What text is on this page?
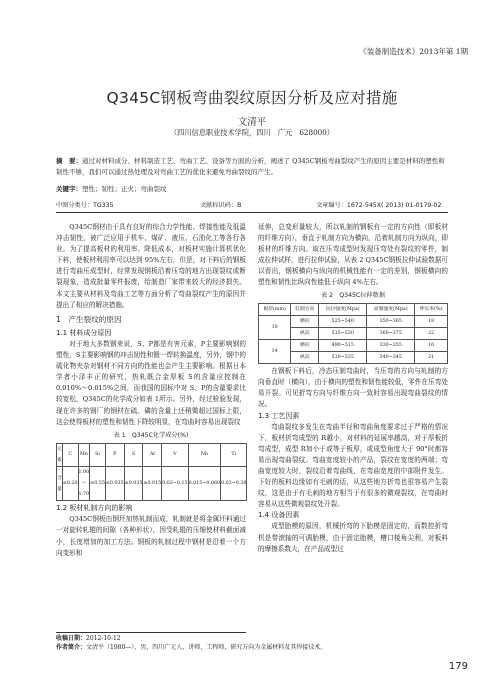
《装备制造技术》2013年第 1期
Q345C钢板弯曲裂纹原因分析及应对措施
文清平
（四川信息职业技术学院，四川　广元　628000）
摘　要：通过对材料成分、材料制造工艺、弯曲工艺、设备等方面的分析，阐述了 Q345C钢板弯曲裂纹产生的原因主要是材料的塑性和韧性不够，我们可以通过热处理及对弯曲工艺的优化来避免弯曲裂纹的产生。
关键字：塑性；韧性；正火；弯曲裂纹
中图分类号：TG335	文献标识码：B	文章编号：1672-545X( 2013) 01-0179-02

Q345C钢材由于具有良好的综合力学性能、焊接性能及低温冲击韧性，被广泛应用于机车、煤矿、液压、石油化工等各行各业。为了提高板材的利用率、降低成本，对板材实施计算机优化下料，使板材利用率可以达到 95%左右，但是，对下料后的钢板进行弯曲压成型时，经常发现钢板沿着压弯的地方出现裂纹或断裂现象，造成批量零件报废，给制造厂家带来较大的经济损失。本文主要从材料及弯曲工艺等方面分析了弯曲裂纹产生的原因并提出了相应的解决措施。

1　产生裂纹的原因
1.1 材料成分原因

对于地大多数钢来说，S、P都是有害元素，P主要影响钢的塑性，S主要影响钢的冲击韧性和锻一焊转换温度，另外，钢中的硫化物夹杂对钢材不同方向的性能也会产生主要影响。根据日本学者小泽丰正的研究，热轧既合金厚板 S的含量应控制在 0.010%～0.015%之间，而我国的国标中对 S、P的含量要求比较宽松，Q345C的化学成分如表 1所示。另外，经过检验发现，现在许多的钢厂的钢材在硫、磷的含量上还稍微超过国标上限，这会使得板材的塑性和韧性下降较明显，在弯曲时容易出现裂纹

表 1　Q345C化学成分(%)
元素	C	Mn	Si	P	S	Al	V	Nb	Ti
含量	≤0.20	1.00～1.70	≤0.55	≤0.035	≤0.035	≥0.015	0.02~0.15	0.015~0.060	0.02~0.20
1.2 板材轧制方向的影响

Q345C钢板由钢坯加热轧制而成，轧制就是将金属坯料通过一对旋转轧辊的间隙（各种形状），因受轧辊的压缩使材料截面减小，长度增加的加工方法。钢板的轧制过程中钢材是沿着一个方向变形和

延伸，总变形量较大，所以轧制的钢板有一定的方向性（即板材的纤维方向），垂直于轧制方向为横向，沿着轧制方向为纵向，即板材的纤维方向。取在压弯成型时发现压弯处有裂纹的零件，制成拉伸试样，进行拉伸试验，从表 2 Q345C钢板拉伸试验数据可以看出，钢板横向与纵向的机械性能有一定的差别，钢板横向的塑性和韧性比纵向性能低于纵向 4%左右。

表 2　Q345C拉伸数据
板厚(mm)	轧制方向	抗拉强度(Mpa)	屈服强度(Mpa)	伸长率(%)
10	横向	525~540	350~365	18
	纵向	515~530	360~375	22
14	横向	490~515	330~355	16
	纵向	510~535	340~345	21

在钢板下料后，冷态压制弯曲时，当压弯的方向与轧制的方向垂直时（横向），由于横向的塑性和韧性能较低，零件在压弯处易开裂。可见折弯方向与纤维方向一致时容易出现弯曲裂纹的情况。

1.3 工艺因素

弯曲裂纹多发生在弯曲半径和弯曲角度要求过于严格的情况下，板材折弯成型的 R越小，对材料的延展率越高，对于厚板折弯成型，成型 R加小于或等于板厚，或成型角度大于 90°时都容易出现弯曲裂纹。弯曲宽度较小的产品，裂纹在宽度的两端；弯曲宽度较大时，裂纹沿着弯曲线，在弯曲宽度的中部附件发生。下好的板料边缘如有毛刺的话，从这些地方折弯也很容易产生裂纹，这是由于有毛刺的地方相当于有很多的微观裂纹，在弯曲时容易从这些微观裂纹处开裂。

1.4 设备因素

成型胎模的原因，机械折弯的下胎模是固定的，而数控折弯机是带滚轴的可调胎模，由于固定胎模，槽口棱角尖利，对板料的摩擦系数大，在产品成型过

收稿日期：2012-10-12
作者简介：文清平（1980—），男，四川广元人，讲师，工程师，研究方向为金属材料及其焊接技术。
179
